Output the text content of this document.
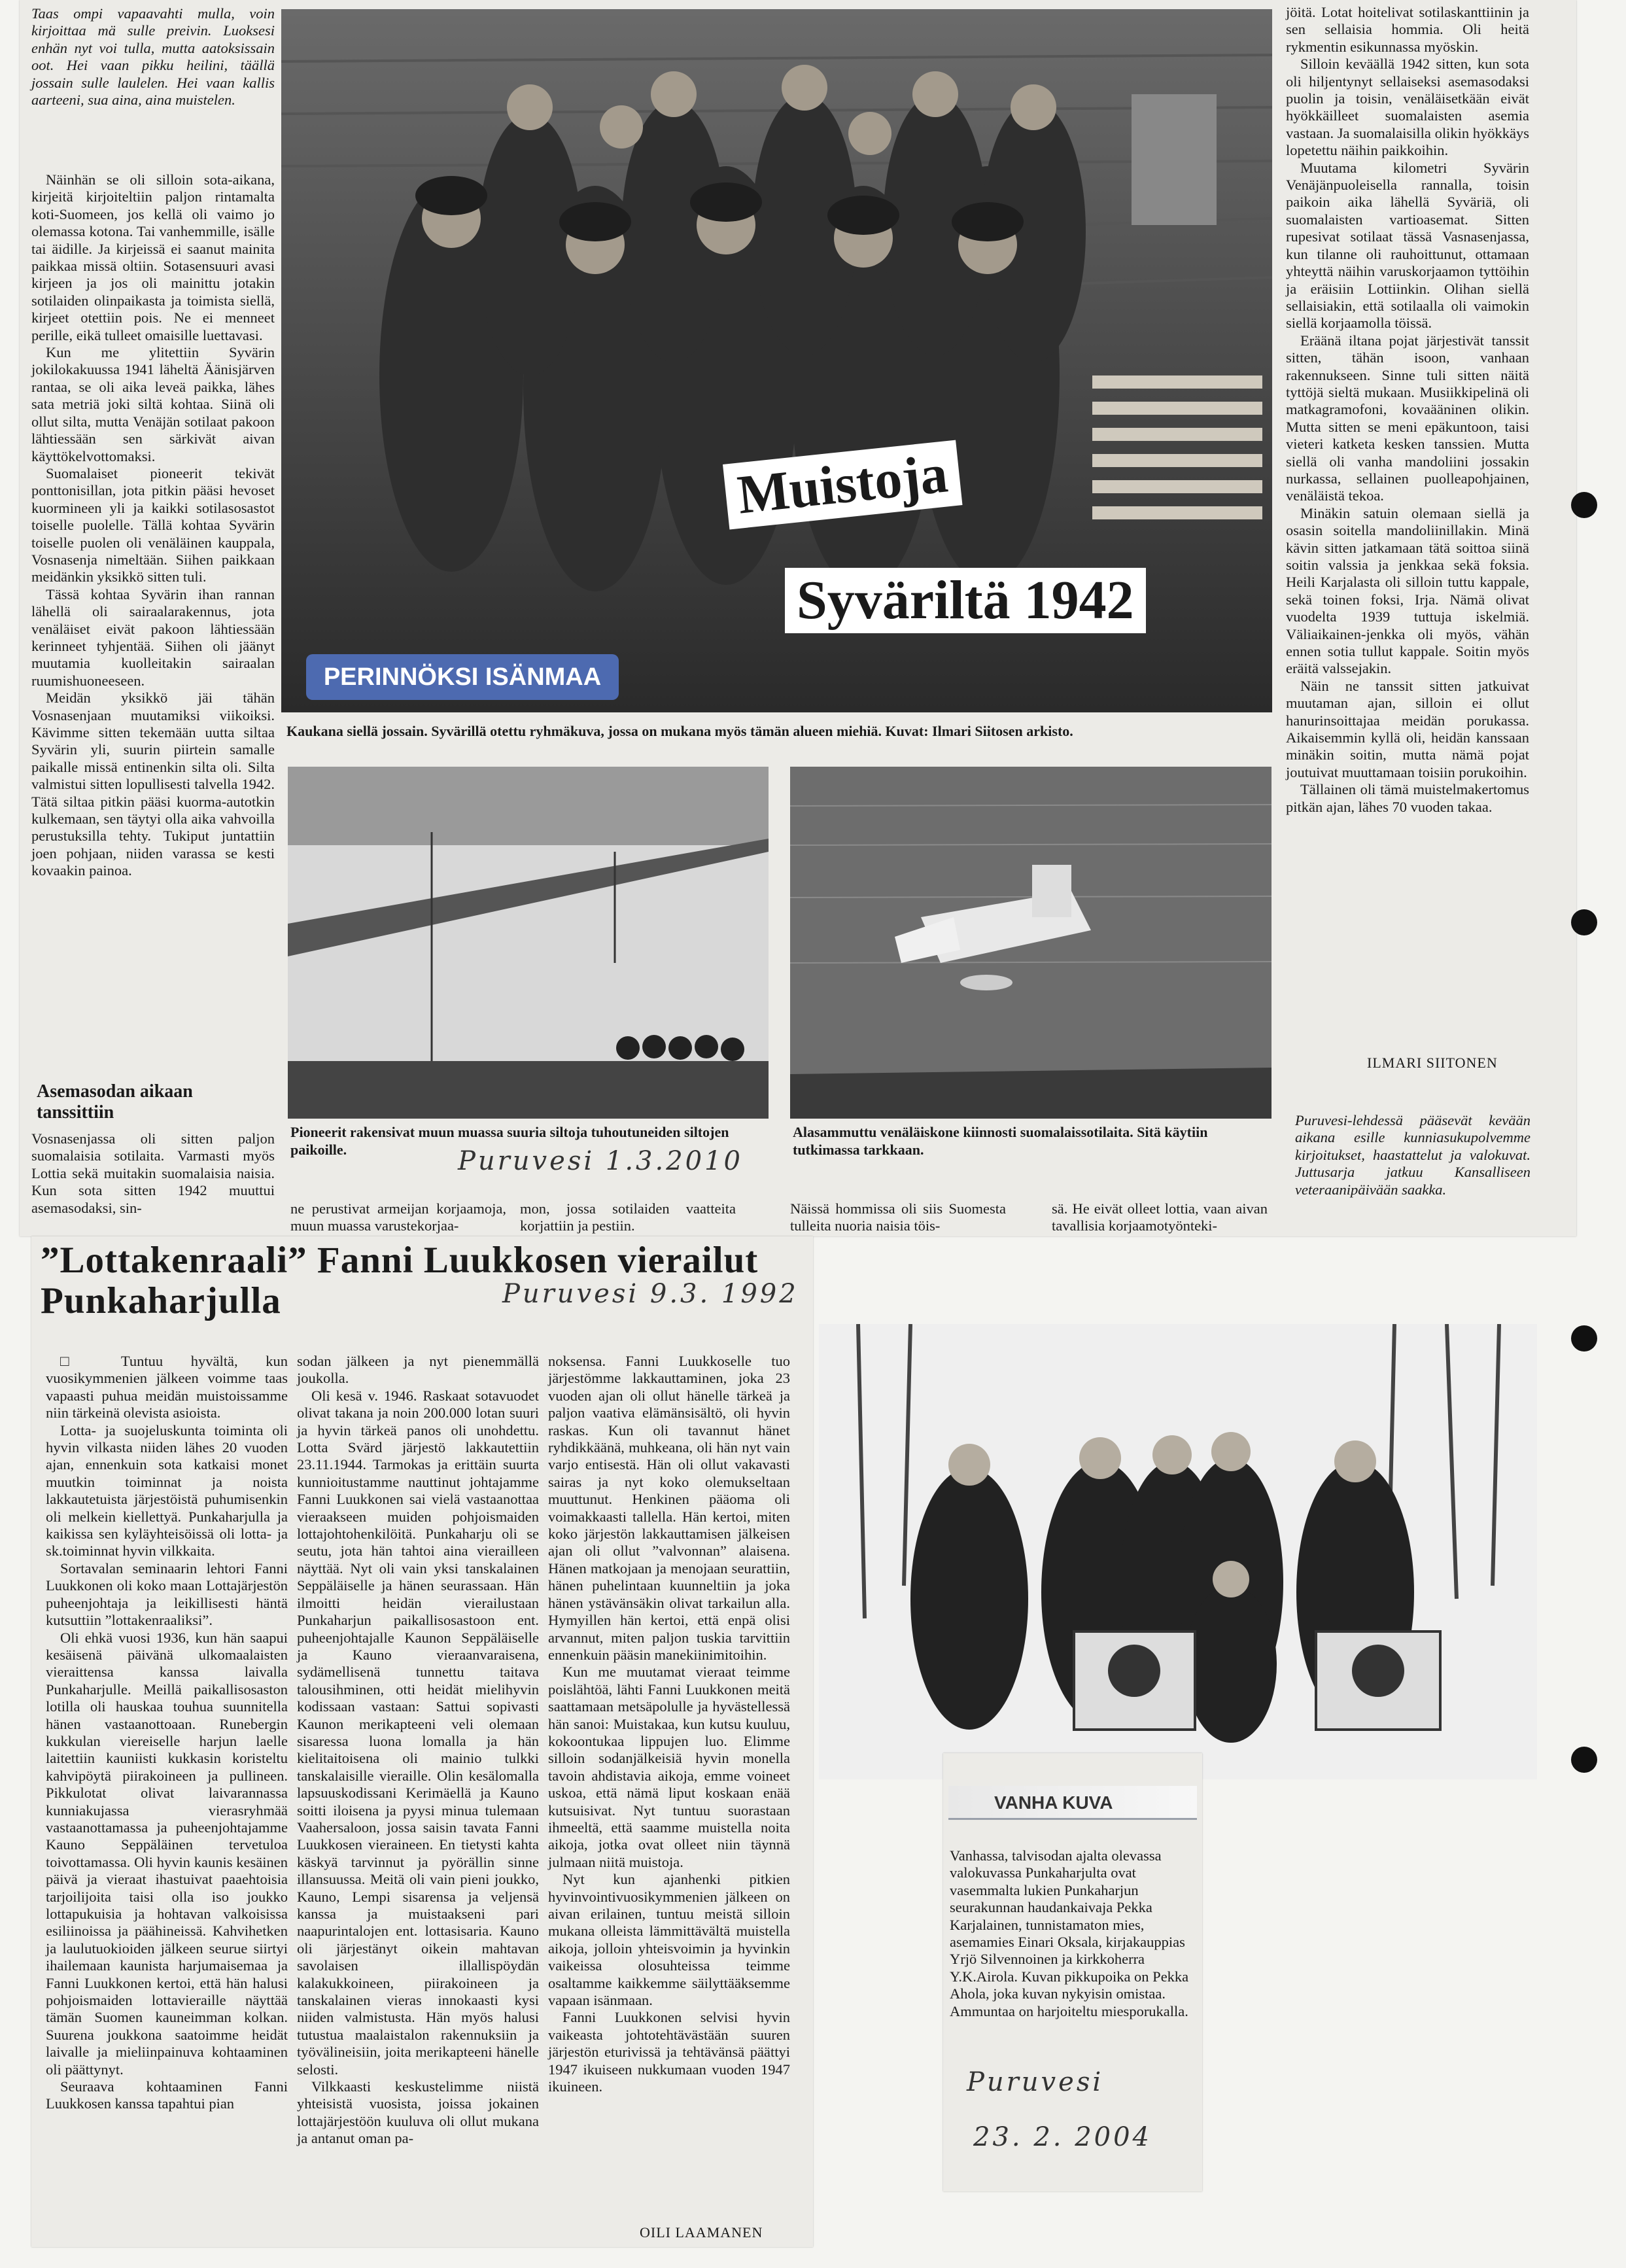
Taas ompi vapaavahti mulla, voin kirjoittaa mä sulle preivin. Luoksesi enhän nyt voi tulla, mutta aatoksissain oot. Hei vaan pikku heilini, täällä jossain sulle laulelen. Hei vaan kallis aarteeni, sua aina, aina muistelen.

Näinhän se oli silloin sota-aikana, kirjeitä kirjoiteltiin paljon rintamalta koti-Suomeen, jos kellä oli vaimo jo olemassa kotona. Tai vanhemmille, isälle tai äidille. Ja kirjeissä ei saanut mainita paikkaa missä oltiin. Sotasensuuri avasi kirjeen ja jos oli mainittu jotakin sotilaiden olinpaikasta ja toimista siellä, kirjeet otettiin pois. Ne ei menneet perille, eikä tulleet omaisille luettavasi.

Kun me ylitettiin Syvärin jokilokakuussa 1941 läheltä Äänisjärven rantaa, se oli aika leveä paikka, lähes sata metriä joki siltä kohtaa. Siinä oli ollut silta, mutta Venäjän sotilaat pakoon lähtiessään sen särkivät aivan käyttökelvottomaksi.

Suomalaiset pioneerit tekivät ponttonisillan, jota pitkin pääsi hevoset kuormineen yli ja kaikki sotilasosastot toiselle puolelle. Tällä kohtaa Syvärin toiselle puolen oli venäläinen kauppala, Vosnasenja nimeltään. Siihen paikkaan meidänkin yksikkö sitten tuli.

Tässä kohtaa Syvärin ihan rannan lähellä oli sairaalarakennus, jota venäläiset eivät pakoon lähtiessään kerinneet tyhjentää. Siihen oli jäänyt muutamia kuolleitakin sairaalan ruumishuoneeseen.

Meidän yksikkö jäi tähän Vosnasenjaan muutamiksi viikoiksi. Kävimme sitten tekemään uutta siltaa Syvärin yli, suurin piirtein samalle paikalle missä entinenkin silta oli. Silta valmistui sitten lopullisesti talvella 1942. Tätä siltaa pitkin pääsi kuorma-autotkin kulkemaan, sen täytyi olla aika vahvoilla perustuksilla tehty. Tukiput juntattiin joen pohjaan, niiden varassa se kesti kovaakin painoa.

Asemasodan aikaan tanssittiin

Vosnasenjassa oli sitten paljon suomalaisia sotilaita. Varmasti myös Lottia sekä muitakin suomalaisia naisia. Kun sota sitten 1942 muuttui asemasodaksi, sin-

Muistoja
Syväriltä 1942
PERINNÖKSI ISÄNMAA
Kaukana siellä jossain. Syvärillä otettu ryhmäkuva, jossa on mukana myös tämän alueen miehiä. Kuvat: Ilmari Siitosen arkisto.
Pioneerit rakensivat muun muassa suuria siltoja tuhoutuneiden siltojen paikoille.
Alasammuttu venäläiskone kiinnosti suomalaissotilaita. Sitä käytiin tutkimassa tarkkaan.
Puruvesi 1.3.2010
ne perustivat armeijan korjaamoja, muun muassa varustekorjaa-
mon, jossa sotilaiden vaatteita korjattiin ja pestiin.
Näissä hommissa oli siis Suomesta tulleita nuoria naisia töis-
sä. He eivät olleet lottia, vaan aivan tavallisia korjaamotyönteki-

jöitä. Lotat hoitelivat sotilaskanttiinin ja sen sellaisia hommia. Oli heitä rykmentin esikunnassa myöskin.

Silloin keväällä 1942 sitten, kun sota oli hiljentynyt sellaiseksi asemasodaksi puolin ja toisin, venäläisetkään eivät hyökkäilleet suomalaisten asemia vastaan. Ja suomalaisilla olikin hyökkäys lopetettu näihin paikkoihin.

Muutama kilometri Syvärin Venäjänpuoleisella rannalla, toisin paikoin aika lähellä Syväriä, oli suomalaisten vartioasemat. Sitten rupesivat sotilaat tässä Vasnasenjassa, kun tilanne oli rauhoittunut, ottamaan yhteyttä näihin varuskorjaamon tyttöihin ja eräisiin Lottiinkin. Olihan siellä sellaisiakin, että sotilaalla oli vaimokin siellä korjaamolla töissä.

Eräänä iltana pojat järjestivät tanssit sitten, tähän isoon, vanhaan rakennukseen. Sinne tuli sitten näitä tyttöjä sieltä mukaan. Musiikkipelinä oli matkagramofoni, kovaääninen olikin. Mutta sitten se meni epäkuntoon, taisi vieteri katketa kesken tanssien. Mutta siellä oli vanha mandoliini jossakin nurkassa, sellainen puolleapohjainen, venäläistä tekoa.

Minäkin satuin olemaan siellä ja osasin soitella mandoliinillakin. Minä kävin sitten jatkamaan tätä soittoa siinä soitin valssia ja jenkkaa sekä foksia. Heili Karjalasta oli silloin tuttu kappale, sekä toinen foksi, Irja. Nämä olivat vuodelta 1939 tuttuja iskelmiä. Väliaikainen-jenkka oli myös, vähän ennen sotia tullut kappale. Soitin myös eräitä valssejakin.

Näin ne tanssit sitten jatkuivat muutaman ajan, silloin ei ollut hanurinsoittajaa meidän porukassa. Aikaisemmin kyllä oli, heidän kanssaan minäkin soitin, mutta nämä pojat joutuivat muuttamaan toisiin porukoihin.

Tällainen oli tämä muistelmakertomus pitkän ajan, lähes 70 vuoden takaa.

ILMARI SIITONEN
Puruvesi-lehdessä pääsevät kevään aikana esille kunniasukupolvemme kirjoitukset, haastattelut ja valokuvat. Juttusarja jatkuu Kansalliseen veteraanipäivään saakka.
”Lottakenraali” Fanni Luukkosen vierailut Punkaharjulla	Puruvesi 9.3. 1992

□ Tuntuu hyvältä, kun vuosikymmenien jälkeen voimme taas vapaasti puhua meidän muistoissamme niin tärkeinä olevista asioista.

Lotta- ja suojeluskunta toiminta oli hyvin vilkasta niiden lähes 20 vuoden ajan, ennenkuin sota katkaisi monet muutkin toiminnat ja noista lakkautetuista järjestöistä puhumisenkin oli melkein kiellettyä. Punkaharjulla ja kaikissa sen kyläyhteisöissä oli lotta- ja sk.toiminnat hyvin vilkkaita.

Sortavalan seminaarin lehtori Fanni Luukkonen oli koko maan Lottajärjestön puheenjohtaja ja leikillisesti häntä kutsuttiin ”lottakenraaliksi”.

Oli ehkä vuosi 1936, kun hän saapui kesäisenä päivänä ulkomaalaisten vieraittensa kanssa laivalla Punkaharjulle. Meillä paikallisosaston lotilla oli hauskaa touhua suunnitella hänen vastaanottoaan. Runebergin kukkulan viereiselle harjun laelle laitettiin kauniisti kukkasin koristeltu kahvipöytä piirakoineen ja pullineen. Pikkulotat olivat laivarannassa kunniakujassa vierasryhmää vastaanottamassa ja puheenjohtajamme Kauno Seppäläinen tervetuloa toivottamassa. Oli hyvin kaunis kesäinen päivä ja vieraat ihastuivat paaehtoisia tarjoilijoita taisi olla iso joukko lottapukuisia ja hohtavan valkoisissa esiliinoissa ja päähineissä. Kahvihetken ja laulutuokioiden jälkeen seurue siirtyi ihailemaan kaunista harjumaisemaa ja Fanni Luukkonen kertoi, että hän halusi pohjoismaiden lottavieraille näyttää tämän Suomen kauneimman kolkan. Suurena joukkona saatoimme heidät laivalle ja mieliinpainuva kohtaaminen oli päättynyt.

Seuraava kohtaaminen Fanni Luukkosen kanssa tapahtui pian

sodan jälkeen ja nyt pienemmällä joukolla.

Oli kesä v. 1946. Raskaat sotavuodet olivat takana ja noin 200.000 lotan suuri ja hyvin tärkeä panos oli unohdettu. Lotta Svärd järjestö lakkautettiin 23.11.1944. Tarmokas ja erittäin suurta kunnioitustamme nauttinut johtajamme Fanni Luukkonen sai vielä vastaanottaa vieraakseen muiden pohjoismaiden lottajohtohenkilöitä. Punkaharju oli se seutu, jota hän tahtoi aina vierailleen näyttää. Nyt oli vain yksi tanskalainen Seppäläiselle ja hänen seurassaan. Hän ilmoitti heidän vierailustaan Punkaharjun paikallisosastoon ent. puheenjohtajalle Kaunon Seppäläiselle ja Kauno vieraanvaraisena, sydämellisenä tunnettu taitava talousihminen, otti heidät mielihyvin kodissaan vastaan: Sattui sopivasti Kaunon merikapteeni veli olemaan sisaressa luona lomalla ja hän kielitaitoisena oli mainio tulkki tanskalaisille vieraille. Olin kesälomalla lapsuuskodissani Kerimäellä ja Kauno soitti iloisena ja pyysi minua tulemaan Vaahersaloon, jossa saisin tavata Fanni Luukkosen vieraineen. En tietysti kahta käskyä tarvinnut ja pyörällin sinne illansuussa. Meitä oli vain pieni joukko, Kauno, Lempi sisarensa ja veljensä kanssa ja muistaakseni pari naapurintalojen ent. lottasisaria. Kauno oli järjestänyt oikein mahtavan savolaisen illallispöydän kalakukkoineen, piirakoineen ja tanskalainen vieras innokaasti kysi niiden valmistusta. Hän myös halusi tutustua maalaistalon rakennuksiin ja työvälineisiin, joita merikapteeni hänelle selosti.

Vilkkaasti keskustelimme niistä yhteisistä vuosista, joissa jokainen lottajärjestöön kuuluva oli ollut mukana ja antanut oman pa-

noksensa. Fanni Luukkoselle tuo järjestömme lakkauttaminen, joka 23 vuoden ajan oli ollut hänelle tärkeä ja paljon vaativa elämänsisältö, oli hyvin raskas. Kun oli tavannut hänet ryhdikkäänä, muhkeana, oli hän nyt vain varjo entisestä. Hän oli ollut vakavasti sairas ja nyt koko olemukseltaan muuttunut. Henkinen pääoma oli voimakkaasti tallella. Hän kertoi, miten koko järjestön lakkauttamisen jälkeisen ajan oli ollut ”valvonnan” alaisena. Hänen matkojaan ja menojaan seurattiin, hänen puhelintaan kuunneltiin ja joka hänen ystävänsäkin olivat tarkailun alla. Hymyillen hän kertoi, että enpä olisi arvannut, miten paljon tuskia tarvittiin ennenkuin pääsin manekiinimitoihin.

Kun me muutamat vieraat teimme poislähtöä, lähti Fanni Luukkonen meitä saattamaan metsäpolulle ja hyvästellessä hän sanoi: Muistakaa, kun kutsu kuuluu, kokoontukaa lippujen luo. Elimme silloin sodanjälkeisiä hyvin monella tavoin ahdistavia aikoja, emme voineet uskoa, että nämä liput koskaan enää kutsuisivat. Nyt tuntuu suorastaan ihmeeltä, että saamme muistella noita aikoja, jotka ovat olleet niin täynnä julmaan niitä muistoja.

Nyt kun ajanhenki pitkien hyvinvointivuosikymmenien jälkeen on aivan erilainen, tuntuu meistä silloin mukana olleista lämmittävältä muistella aikoja, jolloin yhteisvoimin ja hyvinkin vaikeissa olosuhteissa teimme osaltamme kaikkemme säilyttääksemme vapaan isänmaan.

Fanni Luukkonen selvisi hyvin vaikeasta johtotehtävästään suuren järjestön eturivissä ja tehtävänsä päättyi 1947 ikuiseen nukkumaan vuoden 1947 ikuineen.

OILI LAAMANEN
VANHA KUVA
Vanhassa, talvisodan ajalta olevassa valokuvassa Punkaharjulta ovat vasemmalta lukien Punkaharjun seurakunnan haudankaivaja Pekka Karjalainen, tunnistamaton mies, asemamies Einari Oksala, kirjakauppias Yrjö Silvennoinen ja kirkkoherra Y.K.Airola. Kuvan pikkupoika on Pekka Ahola, joka kuvan nykyisin omistaa. Ammuntaa on harjoiteltu miesporukalla.
Puruvesi
23. 2. 2004
